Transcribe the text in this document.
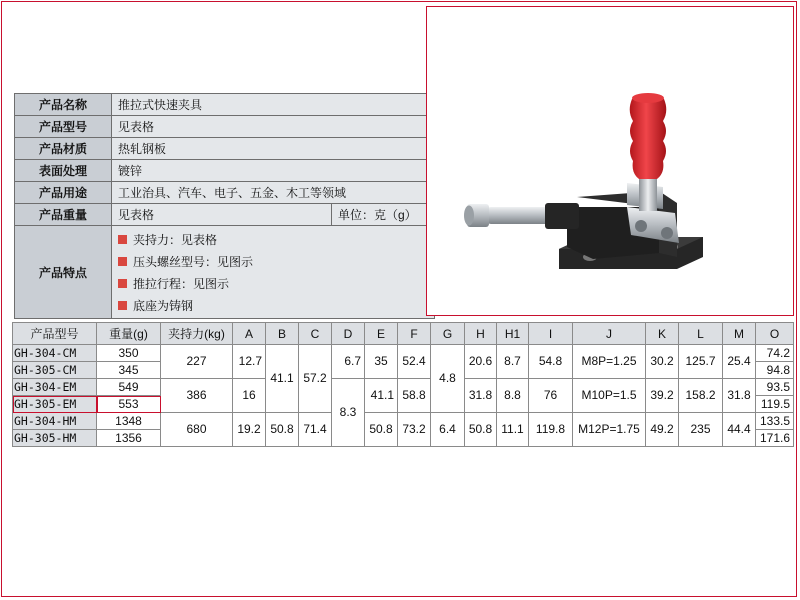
产品名称	推拉式快速夹具	
产品型号	见表格	
产品材质	热轧钢板	
表面处理	镀锌	
产品用途	工业治具、汽车、电子、五金、木工等领域	
产品重量	见表格	单位：克（g）
产品特点	夹持力：见表格
压头螺丝型号：见图示
推拉行程：见图示
底座为铸钢	
产品型号	重量(g)	夹持力(kg)	A	B	C	D	E	F	G	H	H1	I	J	K	L	M	O
GH-304-CM	350	227	12.7	41.1	57.2	6.7	35	52.4	4.8	20.6	8.7	54.8	M8P=1.25	30.2	125.7	25.4	74.2
GH-305-CM	345																94.8
GH-304-EM	549	386	16			8.3	41.1	58.8		31.8	8.8	76	M10P=1.5	39.2	158.2	31.8	93.5
GH-305-EM	553																119.5
GH-304-HM	1348	680	19.2	50.8	71.4		50.8	73.2	6.4	50.8	11.1	119.8	M12P=1.75	49.2	235	44.4	133.5
GH-305-HM	1356																171.6
